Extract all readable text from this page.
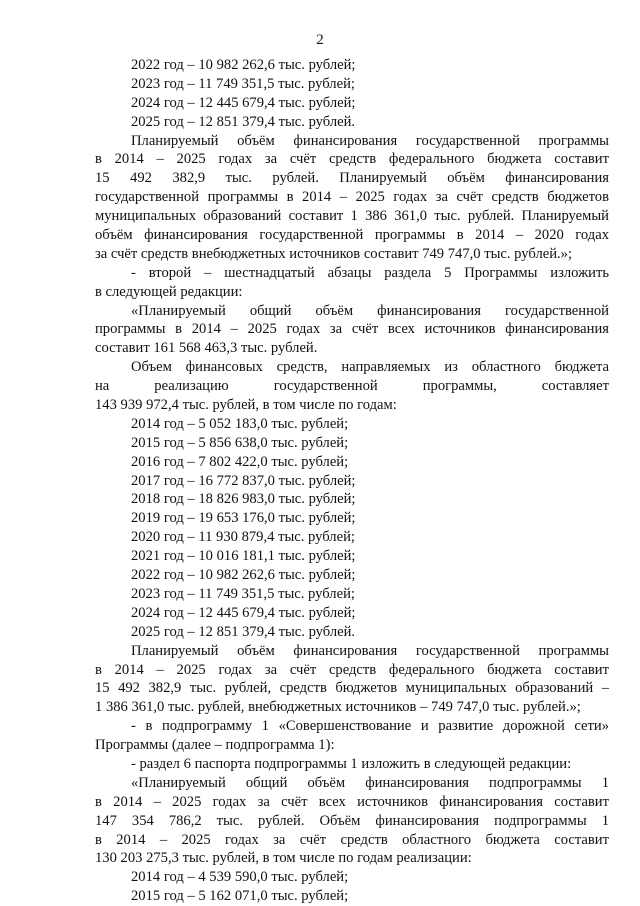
2
2022 год – 10 982 262,6 тыс. рублей;
2023 год – 11 749 351,5 тыс. рублей;
2024 год – 12 445 679,4 тыс. рублей;
2025 год – 12 851 379,4 тыс. рублей.
Планируемый объём финансирования государственной программы
в 2014 – 2025 годах за счёт средств федерального бюджета составит
15 492 382,9 тыс. рублей. Планируемый объём финансирования
государственной программы в 2014 – 2025 годах за счёт средств бюджетов
муниципальных образований составит 1 386 361,0 тыс. рублей. Планируемый
объём финансирования государственной программы в 2014 – 2020 годах
за счёт средств внебюджетных источников составит 749 747,0 тыс. рублей.»;
- второй – шестнадцатый абзацы раздела 5 Программы изложить
в следующей редакции:
«Планируемый общий объём финансирования государственной
программы в 2014 – 2025 годах за счёт всех источников финансирования
составит 161 568 463,3 тыс. рублей.
Объем финансовых средств, направляемых из областного бюджета
на реализацию государственной программы, составляет
143 939 972,4 тыс. рублей, в том числе по годам:
2014 год – 5 052 183,0 тыс. рублей;
2015 год – 5 856 638,0 тыс. рублей;
2016 год – 7 802 422,0 тыс. рублей;
2017 год – 16 772 837,0 тыс. рублей;
2018 год – 18 826 983,0 тыс. рублей;
2019 год – 19 653 176,0 тыс. рублей;
2020 год – 11 930 879,4 тыс. рублей;
2021 год – 10 016 181,1 тыс. рублей;
2022 год – 10 982 262,6 тыс. рублей;
2023 год – 11 749 351,5 тыс. рублей;
2024 год – 12 445 679,4 тыс. рублей;
2025 год – 12 851 379,4 тыс. рублей.
Планируемый объём финансирования государственной программы
в 2014 – 2025 годах за счёт средств федерального бюджета составит
15 492 382,9 тыс. рублей, средств бюджетов муниципальных образований –
1 386 361,0 тыс. рублей, внебюджетных источников – 749 747,0 тыс. рублей.»;
- в подпрограмму 1 «Совершенствование и развитие дорожной сети»
Программы (далее – подпрограмма 1):
- раздел 6 паспорта подпрограммы 1 изложить в следующей редакции:
«Планируемый общий объём финансирования подпрограммы 1
в 2014 – 2025 годах за счёт всех источников финансирования составит
147 354 786,2 тыс. рублей. Объём финансирования подпрограммы 1
в 2014 – 2025 годах за счёт средств областного бюджета составит
130 203 275,3 тыс. рублей, в том числе по годам реализации:
2014 год – 4 539 590,0 тыс. рублей;
2015 год – 5 162 071,0 тыс. рублей;
